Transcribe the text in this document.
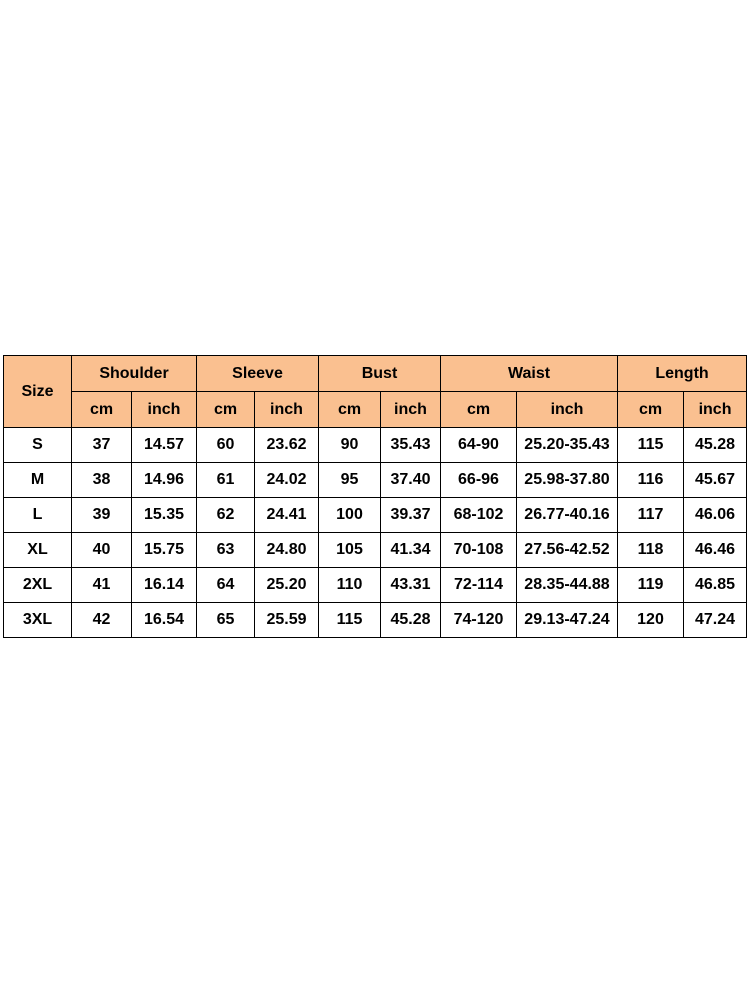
Size	Shoulder		Sleeve		Bust		Waist		Length	
	cm	inch	cm	inch	cm	inch	cm	inch	cm	inch
S	37	14.57	60	23.62	90	35.43	64-90	25.20-35.43	115	45.28
M	38	14.96	61	24.02	95	37.40	66-96	25.98-37.80	116	45.67
L	39	15.35	62	24.41	100	39.37	68-102	26.77-40.16	117	46.06
XL	40	15.75	63	24.80	105	41.34	70-108	27.56-42.52	118	46.46
2XL	41	16.14	64	25.20	110	43.31	72-114	28.35-44.88	119	46.85
3XL	42	16.54	65	25.59	115	45.28	74-120	29.13-47.24	120	47.24
